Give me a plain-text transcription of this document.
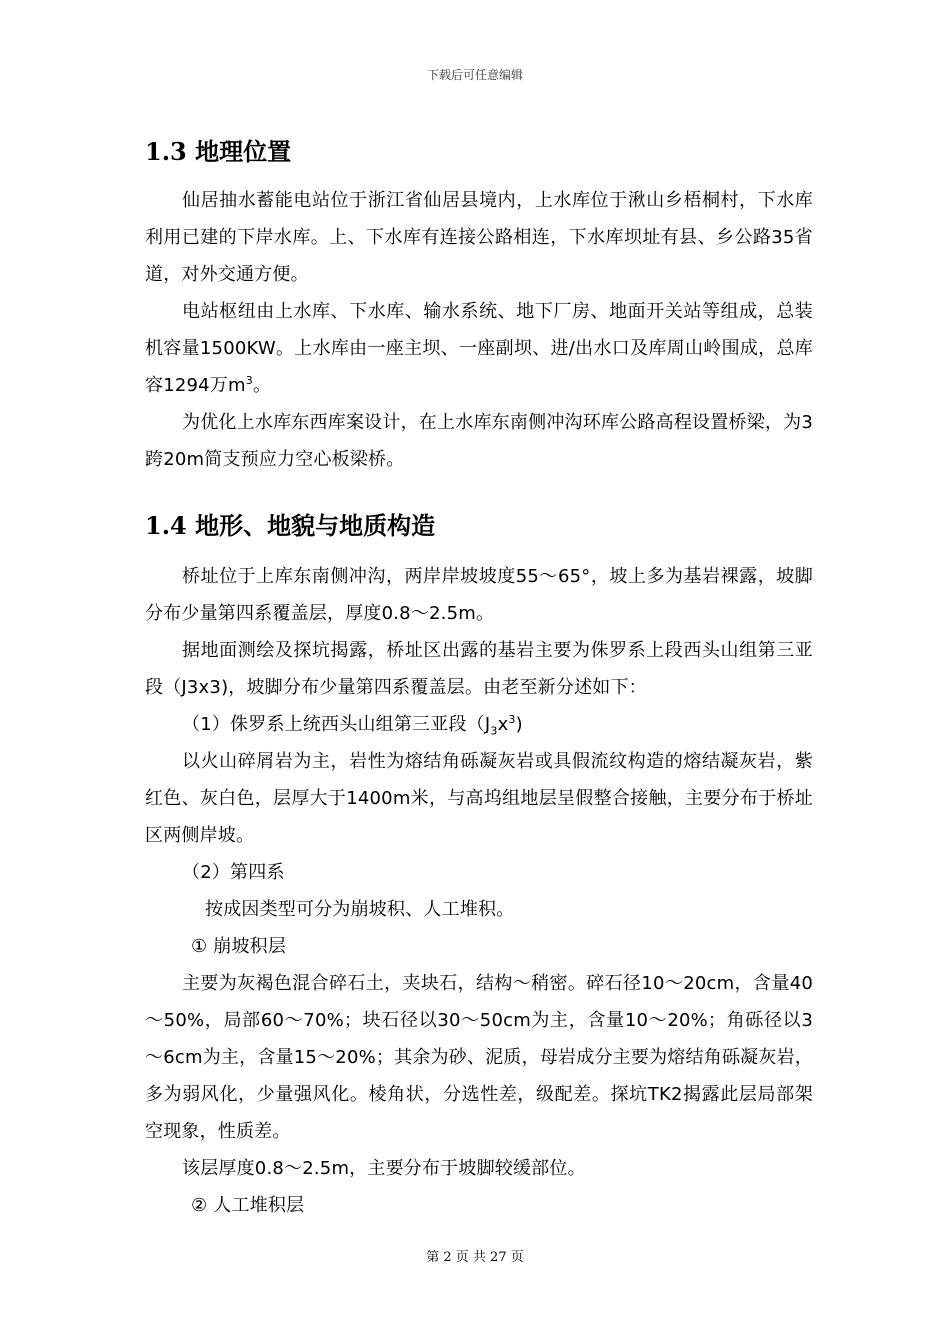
下载后可任意编辑
1.3 地理位置

仙居抽水蓄能电站位于浙江省仙居县境内，上水库位于湫山乡梧桐村，下水库利用已建的下岸水库。上、下水库有连接公路相连，下水库坝址有县、乡公路35省道，对外交通方便。

电站枢纽由上水库、下水库、输水系统、地下厂房、地面开关站等组成，总装机容量1500KW。上水库由一座主坝、一座副坝、进/出水口及库周山岭围成，总库容1294万$m^3$。

为优化上水库东西库案设计，在上水库东南侧冲沟环库公路高程设置桥梁，为3跨20m简支预应力空心板梁桥。

1.4 地形、地貌与地质构造

桥址位于上库东南侧冲沟，两岸岸坡坡度55～65°，坡上多为基岩裸露，坡脚分布少量第四系覆盖层，厚度0.8～2.5m。

据地面测绘及探坑揭露，桥址区出露的基岩主要为侏罗系上段西头山组第三亚段（J3x3)，坡脚分布少量第四系覆盖层。由老至新分述如下：

（1）侏罗系上统西头山组第三亚段$(J_3x^3)$

以火山碎屑岩为主，岩性为熔结角砾凝灰岩或具假流纹构造的熔结凝灰岩，紫红色、灰白色，层厚大于1400m米，与高坞组地层呈假整合接触，主要分布于桥址区两侧岸坡。

（2）第四系

按成因类型可分为崩坡积、人工堆积。

① 崩坡积层

主要为灰褐色混合碎石土，夹块石，结构～稍密。碎石径10～20cm，含量40～50%，局部60～70%；块石径以30～50cm为主，含量10～20%；角砾径以3～6cm为主，含量15～20%；其余为砂、泥质，母岩成分主要为熔结角砾凝灰岩，多为弱风化，少量强风化。棱角状，分选性差，级配差。探坑TK2揭露此层局部架空现象，性质差。

该层厚度0.8～2.5m，主要分布于坡脚较缓部位。

② 人工堆积层

第 2 页 共 27 页
